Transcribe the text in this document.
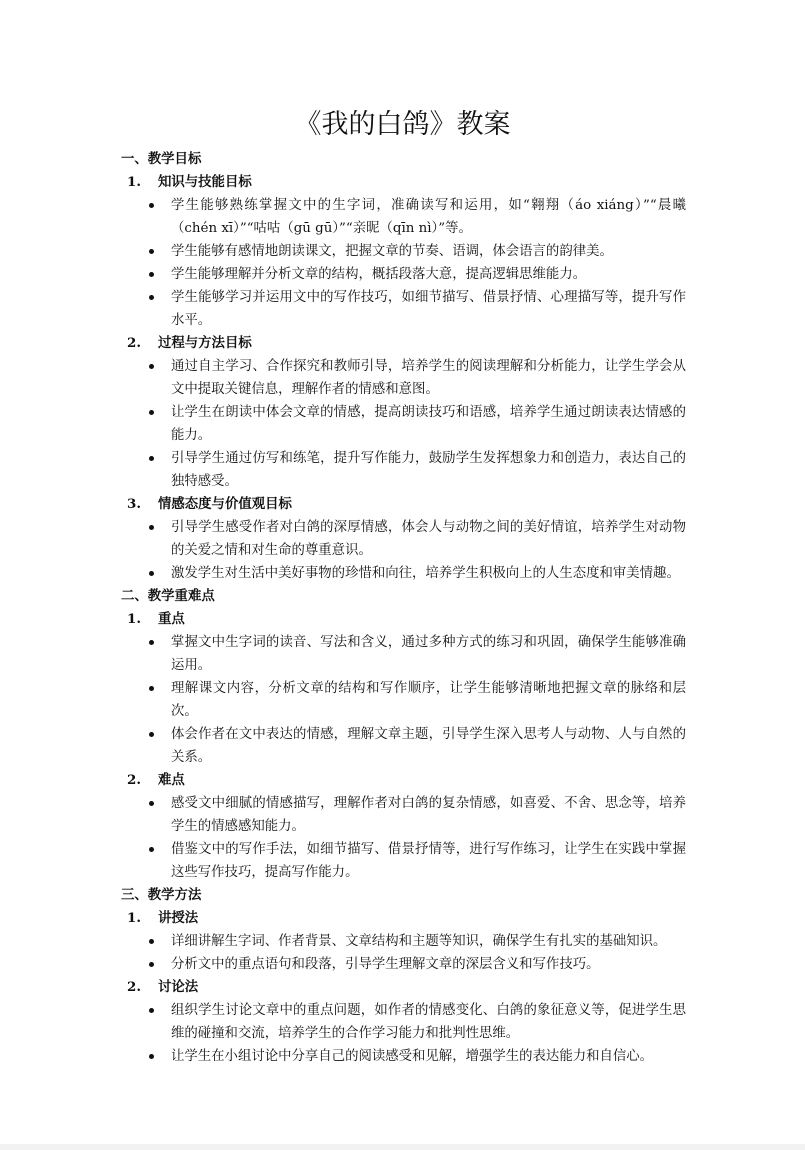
《我的白鸽》教案
一、教学目标
1.	知识与技能目标
学生能够熟练掌握文中的生字词，准确读写和运用，如“翱翔（áo xiáng）”“晨曦（chén xī）”“咕咕（gū gū）”“亲昵（qīn nì）”等。
学生能够有感情地朗读课文，把握文章的节奏、语调，体会语言的韵律美。
学生能够理解并分析文章的结构，概括段落大意，提高逻辑思维能力。
学生能够学习并运用文中的写作技巧，如细节描写、借景抒情、心理描写等，提升写作水平。
2.	过程与方法目标
通过自主学习、合作探究和教师引导，培养学生的阅读理解和分析能力，让学生学会从文中提取关键信息，理解作者的情感和意图。
让学生在朗读中体会文章的情感，提高朗读技巧和语感，培养学生通过朗读表达情感的能力。
引导学生通过仿写和练笔，提升写作能力，鼓励学生发挥想象力和创造力，表达自己的独特感受。
3.	情感态度与价值观目标
引导学生感受作者对白鸽的深厚情感，体会人与动物之间的美好情谊，培养学生对动物的关爱之情和对生命的尊重意识。
激发学生对生活中美好事物的珍惜和向往，培养学生积极向上的人生态度和审美情趣。
二、教学重难点
1.	重点
掌握文中生字词的读音、写法和含义，通过多种方式的练习和巩固，确保学生能够准确运用。
理解课文内容，分析文章的结构和写作顺序，让学生能够清晰地把握文章的脉络和层次。
体会作者在文中表达的情感，理解文章主题，引导学生深入思考人与动物、人与自然的关系。
2.	难点
感受文中细腻的情感描写，理解作者对白鸽的复杂情感，如喜爱、不舍、思念等，培养学生的情感感知能力。
借鉴文中的写作手法，如细节描写、借景抒情等，进行写作练习，让学生在实践中掌握这些写作技巧，提高写作能力。
三、教学方法
1.	讲授法
详细讲解生字词、作者背景、文章结构和主题等知识，确保学生有扎实的基础知识。
分析文中的重点语句和段落，引导学生理解文章的深层含义和写作技巧。
2.	讨论法
组织学生讨论文章中的重点问题，如作者的情感变化、白鸽的象征意义等，促进学生思维的碰撞和交流，培养学生的合作学习能力和批判性思维。
让学生在小组讨论中分享自己的阅读感受和见解，增强学生的表达能力和自信心。
